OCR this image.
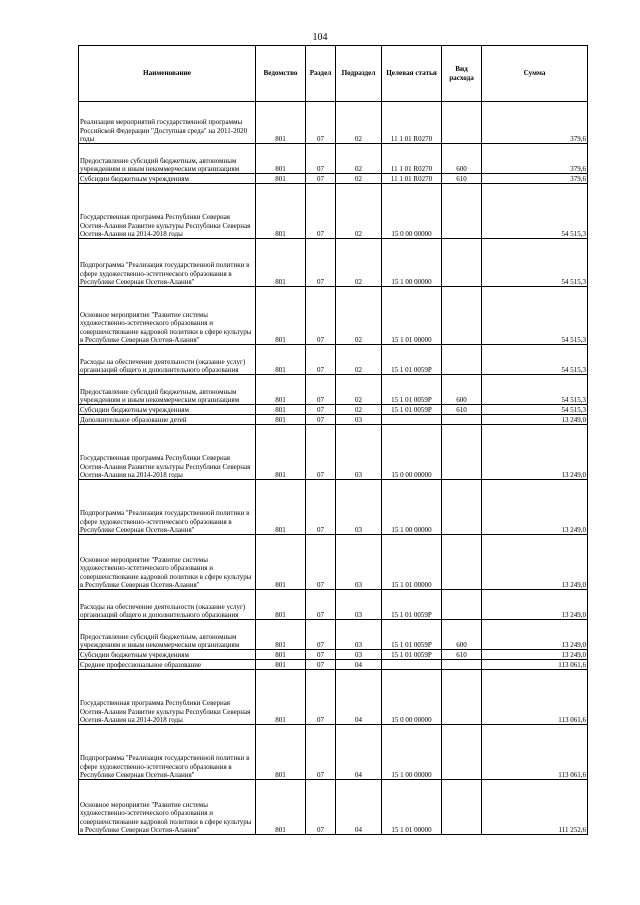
104
Наименование	Ведомство	Раздел	Подраздел	Целевая статья	Вид расхода	Сумма
Реализация мероприятий государственной программы Российской Федерации "Доступная среда" на 2011-2020 годы	801	07	02	11 1 01 R0270		379,6
Предоставление субсидий бюджетным, автономным учреждениям и иным некоммерческим организациям	801	07	02	11 1 01 R0270	600	379,6
Субсидии бюджетным учреждениям	801	07	02	11 1 01 R0270	610	379,6
Государственная программа Республики Северная Осетия-Алания Развитие культуры Республики Северная Осетия-Алания на 2014-2018 годы	801	07	02	15 0 00 00000		54 515,3
Подпрограмма "Реализация государственной политики в сфере художественно-эстетического образования в Республике Северная Осетия-Алания"	801	07	02	15 1 00 00000		54 515,3
Основное мероприятие "Развитие системы художественно-эстетического образования и совершенствование кадровой политики в сфере культуры в Республике Северная Осетия-Алания"	801	07	02	15 1 01 00000		54 515,3
Расходы на обеспечение деятельности (оказание услуг) организаций общего и дополнительного образования	801	07	02	15 1 01 0059Р		54 515,3
Предоставление субсидий бюджетным, автономным учреждениям и иным некоммерческим организациям	801	07	02	15 1 01 0059Р	600	54 515,3
Субсидии бюджетным учреждениям	801	07	02	15 1 01 0059Р	610	54 515,3
Дополнительное образование детей	801	07	03			13 249,0
Государственная программа Республики Северная Осетия-Алания Развитие культуры Республики Северная Осетия-Алания на 2014-2018 годы	801	07	03	15 0 00 00000		13 249,0
Подпрограмма "Реализация государственной политики в сфере художественно-эстетического образования в Республике Северная Осетия-Алания"	801	07	03	15 1 00 00000		13 249,0
Основное мероприятие "Развитие системы художественно-эстетического образования и совершенствование кадровой политики в сфере культуры в Республике Северная Осетия-Алания"	801	07	03	15 1 01 00000		13 249,0
Расходы на обеспечение деятельности (оказание услуг) организаций общего и дополнительного образования	801	07	03	15 1 01 0059Р		13 249,0
Предоставление субсидий бюджетным, автономным учреждениям и иным некоммерческим организациям	801	07	03	15 1 01 0059Р	600	13 249,0
Субсидии бюджетным учреждениям	801	07	03	15 1 01 0059Р	610	13 249,0
Среднее профессиональное образование	801	07	04			113 061,6
Государственная программа Республики Северная Осетия-Алания Развитие культуры Республики Северная Осетия-Алания на 2014-2018 годы	801	07	04	15 0 00 00000		113 061,6
Подпрограмма "Реализация государственной политики в сфере художественно-эстетического образования в Республике Северная Осетия-Алания"	801	07	04	15 1 00 00000		113 061,6
Основное мероприятие "Развитие системы художественно-эстетического образования и совершенствование кадровой политики в сфере культуры в Республике Северная Осетия-Алания"	801	07	04	15 1 01 00000		111 252,6
